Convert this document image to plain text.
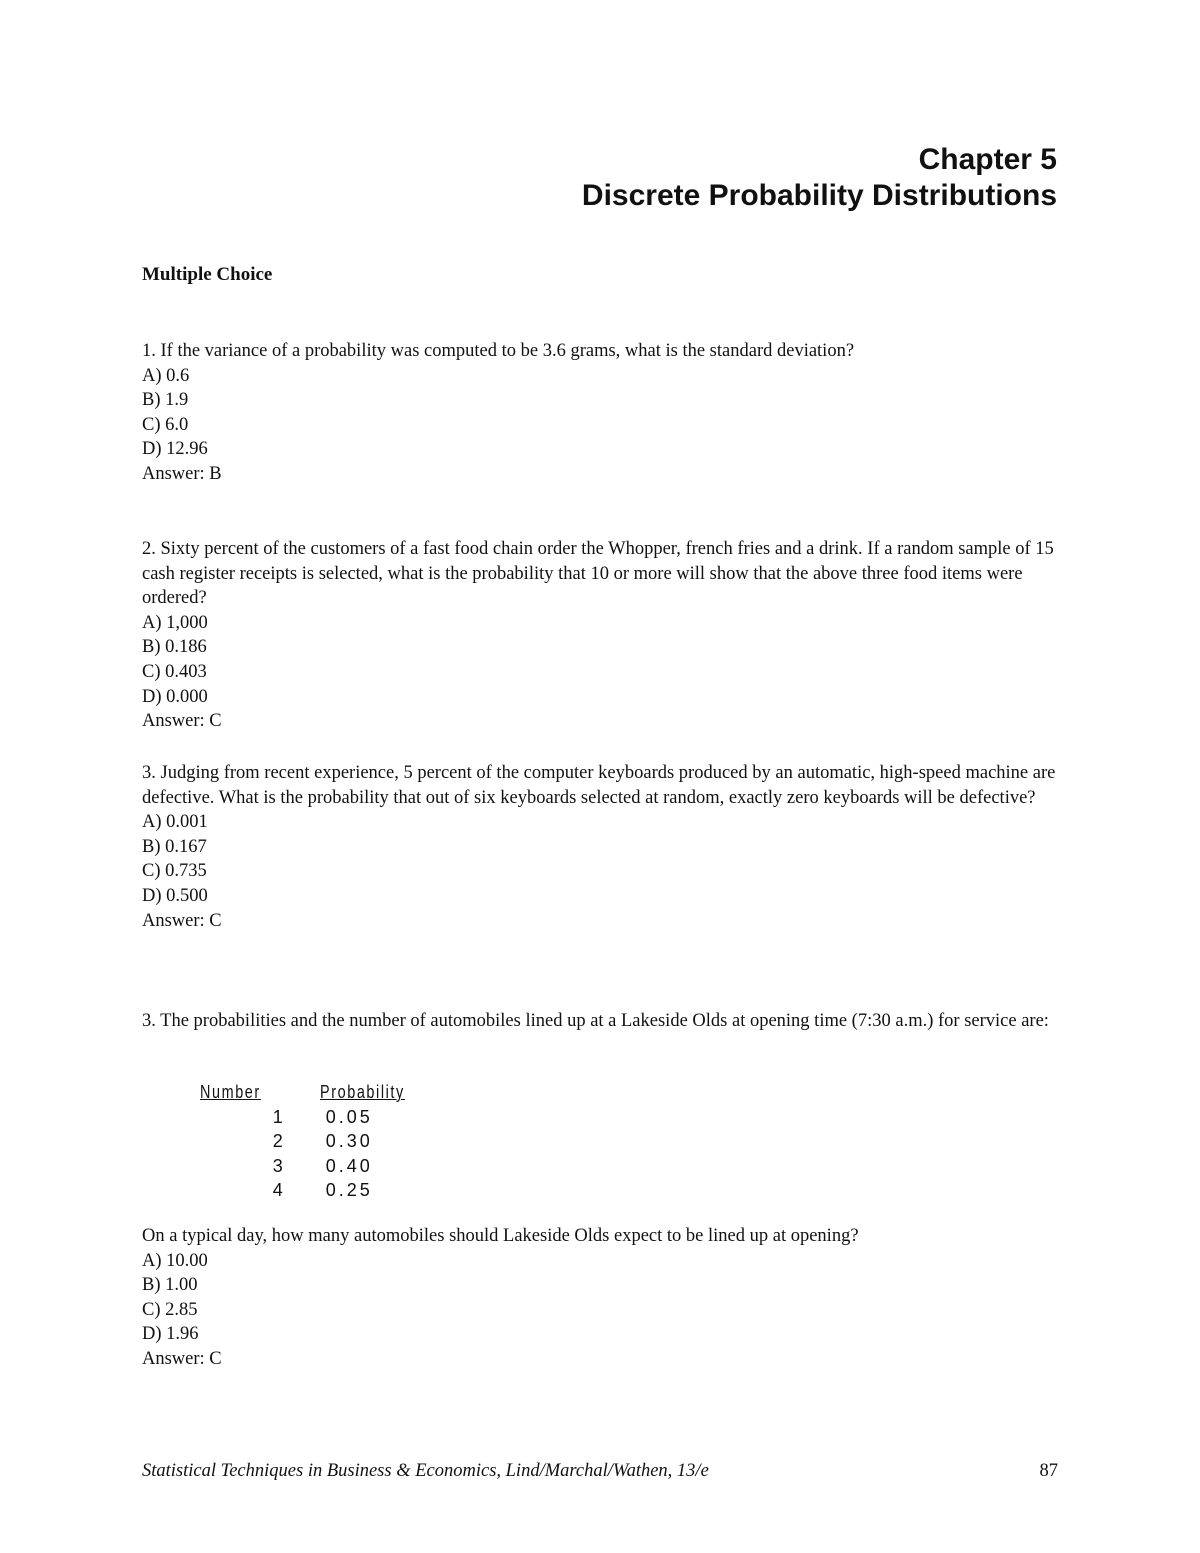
Chapter 5
Discrete Probability Distributions
Multiple Choice
1. If the variance of a probability was computed to be 3.6 grams, what is the standard deviation?
A) 0.6
B) 1.9
C) 6.0
D) 12.96
Answer: B
2. Sixty percent of the customers of a fast food chain order the Whopper, french fries and a drink. If a random sample of 15 cash register receipts is selected, what is the probability that 10 or more will show that the above three food items were ordered?
A) 1,000
B) 0.186
C) 0.403
D) 0.000
Answer: C
3. Judging from recent experience, 5 percent of the computer keyboards produced by an automatic, high-speed machine are defective. What is the probability that out of six keyboards selected at random, exactly zero keyboards will be defective?
A) 0.001
B) 0.167
C) 0.735
D) 0.500
Answer: C
3. The probabilities and the number of automobiles lined up at a Lakeside Olds at opening time (7:30 a.m.) for service are:
Number	Probability
1	0.05
2	0.30
3	0.40
4	0.25
On a typical day, how many automobiles should Lakeside Olds expect to be lined up at opening?
A) 10.00
B) 1.00
C) 2.85
D) 1.96
Answer: C
Statistical Techniques in Business & Economics, Lind/Marchal/Wathen, 13/e	87
